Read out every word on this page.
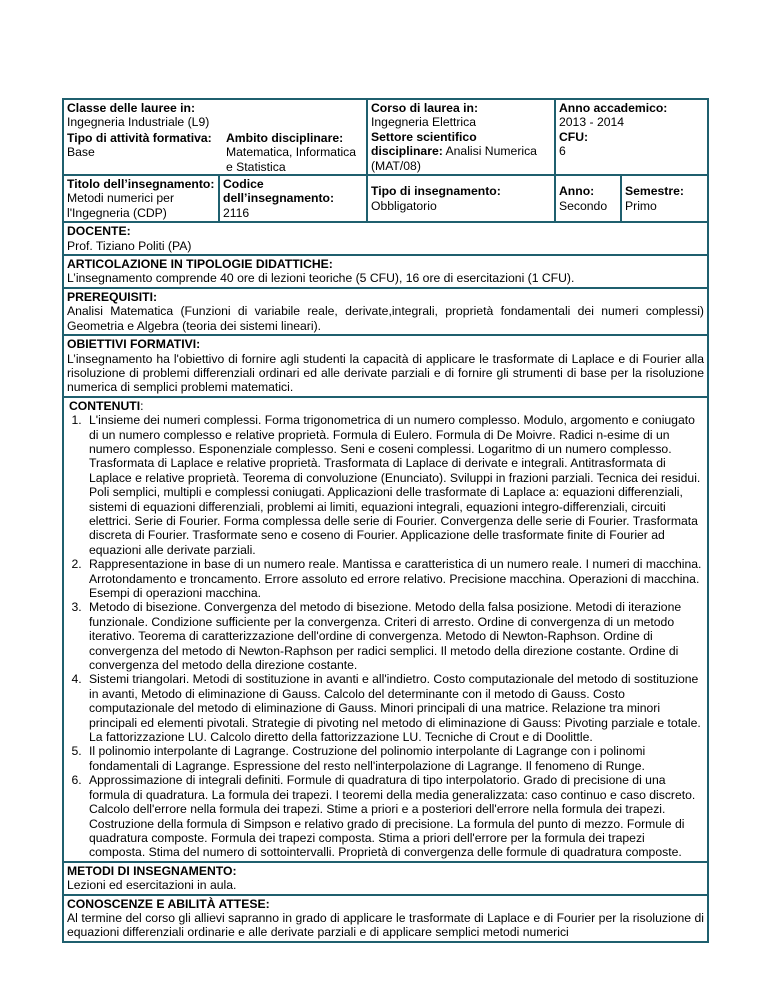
Classe delle lauree in:
Ingegneria Industriale (L9)
Tipo di attività formativa:
Base

Ambito disciplinare:
Matematica, Informatica e Statistica

Corso di laurea in:
Ingegneria Elettrica
Settore scientifico disciplinare: Analisi Numerica (MAT/08)

Anno accademico:
2013 - 2014
CFU:
6

Titolo dell’insegnamento:
Metodi numerici per l'Ingegneria (CDP)

Codice dell’insegnamento:
2116

Tipo di insegnamento:
Obbligatorio

Anno:
Secondo

Semestre:
Primo

DOCENTE:
Prof. Tiziano Politi (PA)

ARTICOLAZIONE IN TIPOLOGIE DIDATTICHE:
L’insegnamento comprende 40 ore di lezioni teoriche (5 CFU), 16 ore di esercitazioni (1 CFU).

PREREQUISITI:
Analisi Matematica (Funzioni di variabile reale, derivate,integrali, proprietà fondamentali dei numeri complessi) Geometria e Algebra (teoria dei sistemi lineari).

OBIETTIVI FORMATIVI:
L’insegnamento ha l'obiettivo di fornire agli studenti la capacità di applicare le trasformate di Laplace e di Fourier alla risoluzione di problemi differenziali ordinari ed alle derivate parziali e di fornire gli strumenti di base per la risoluzione numerica di semplici problemi matematici.

CONTENUTI:
1. L'insieme dei numeri complessi. Forma trigonometrica di un numero complesso. Modulo, argomento e coniugato di un numero complesso e relative proprietà. Formula di Eulero. Formula di De Moivre. Radici n-esime di un numero complesso. Esponenziale complesso. Seni e coseni complessi. Logaritmo di un numero complesso. Trasformata di Laplace e relative proprietà. Trasformata di Laplace di derivate e integrali. Antitrasformata di Laplace e relative proprietà. Teorema di convoluzione (Enunciato). Sviluppi in frazioni parziali. Tecnica dei residui. Poli semplici, multipli e complessi coniugati. Applicazioni delle trasformate di Laplace a: equazioni differenziali, sistemi di equazioni differenziali, problemi ai limiti, equazioni integrali, equazioni integro-differenziali, circuiti elettrici. Serie di Fourier. Forma complessa delle serie di Fourier. Convergenza delle serie di Fourier. Trasformata discreta di Fourier. Trasformate seno e coseno di Fourier. Applicazione delle trasformate finite di Fourier ad equazioni alle derivate parziali.
2. Rappresentazione in base di un numero reale. Mantissa e caratteristica di un numero reale. I numeri di macchina. Arrotondamento e troncamento. Errore assoluto ed errore relativo. Precisione macchina. Operazioni di macchina. Esempi di operazioni macchina.
3. Metodo di bisezione. Convergenza del metodo di bisezione. Metodo della falsa posizione. Metodi di iterazione funzionale. Condizione sufficiente per la convergenza. Criteri di arresto. Ordine di convergenza di un metodo iterativo. Teorema di caratterizzazione dell'ordine di convergenza. Metodo di Newton-Raphson. Ordine di convergenza del metodo di Newton-Raphson per radici semplici. Il metodo della direzione costante. Ordine di convergenza del metodo della direzione costante.
4. Sistemi triangolari. Metodi di sostituzione in avanti e all'indietro. Costo computazionale del metodo di sostituzione in avanti, Metodo di eliminazione di Gauss. Calcolo del determinante con il metodo di Gauss. Costo computazionale del metodo di eliminazione di Gauss. Minori principali di una matrice. Relazione tra minori principali ed elementi pivotali. Strategie di pivoting nel metodo di eliminazione di Gauss: Pivoting parziale e totale. La fattorizzazione LU. Calcolo diretto della fattorizzazione LU. Tecniche di Crout e di Doolittle.
5. Il polinomio interpolante di Lagrange. Costruzione del polinomio interpolante di Lagrange con i polinomi fondamentali di Lagrange. Espressione del resto nell'interpolazione di Lagrange. Il fenomeno di Runge.
6. Approssimazione di integrali definiti. Formule di quadratura di tipo interpolatorio. Grado di precisione di una formula di quadratura. La formula dei trapezi. I teoremi della media generalizzata: caso continuo e caso discreto. Calcolo dell'errore nella formula dei trapezi. Stime a priori e a posteriori dell'errore nella formula dei trapezi. Costruzione della formula di Simpson e relativo grado di precisione. La formula del punto di mezzo. Formule di quadratura composte. Formula dei trapezi composta. Stima a priori dell'errore per la formula dei trapezi composta. Stima del numero di sottointervalli. Proprietà di convergenza delle formule di quadratura composte.

METODI DI INSEGNAMENTO:
Lezioni ed esercitazioni in aula.

CONOSCENZE E ABILITÀ ATTESE:
Al termine del corso gli allievi sapranno in grado di applicare le trasformate di Laplace e di Fourier per la risoluzione di equazioni differenziali ordinarie e alle derivate parziali e di applicare semplici metodi numerici
